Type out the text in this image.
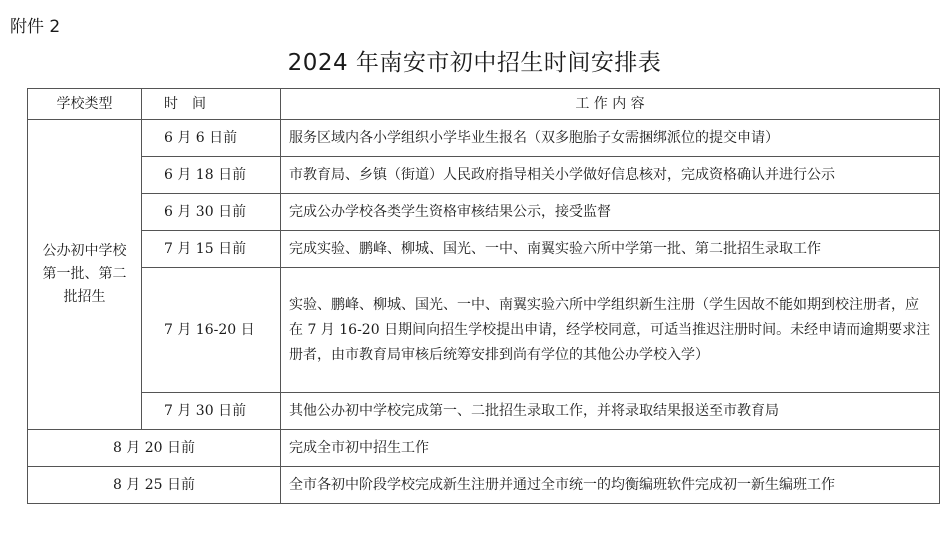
附件 2
2024 年南安市初中招生时间安排表
学校类型	时　间	工 作 内 容

公办初中学校第一批、第二批招生	6 月 6 日前	服务区域内各小学组织小学毕业生报名（双多胞胎子女需捆绑派位的提交申请）
	6 月 18 日前	市教育局、乡镇（街道）人民政府指导相关小学做好信息核对，完成资格确认并进行公示
	6 月 30 日前	完成公办学校各类学生资格审核结果公示，接受监督
	7 月 15 日前	完成实验、鹏峰、柳城、国光、一中、南翼实验六所中学第一批、第二批招生录取工作
	7 月 16-20 日	实验、鹏峰、柳城、国光、一中、南翼实验六所中学组织新生注册（学生因故不能如期到校注册者，应在 7 月 16-20 日期间向招生学校提出申请，经学校同意，可适当推迟注册时间。未经申请而逾期要求注册者，由市教育局审核后统筹安排到尚有学位的其他公办学校入学）
	7 月 30 日前	其他公办初中学校完成第一、二批招生录取工作，并将录取结果报送至市教育局
8 月 20 日前		完成全市初中招生工作
8 月 25 日前		全市各初中阶段学校完成新生注册并通过全市统一的均衡编班软件完成初一新生编班工作
